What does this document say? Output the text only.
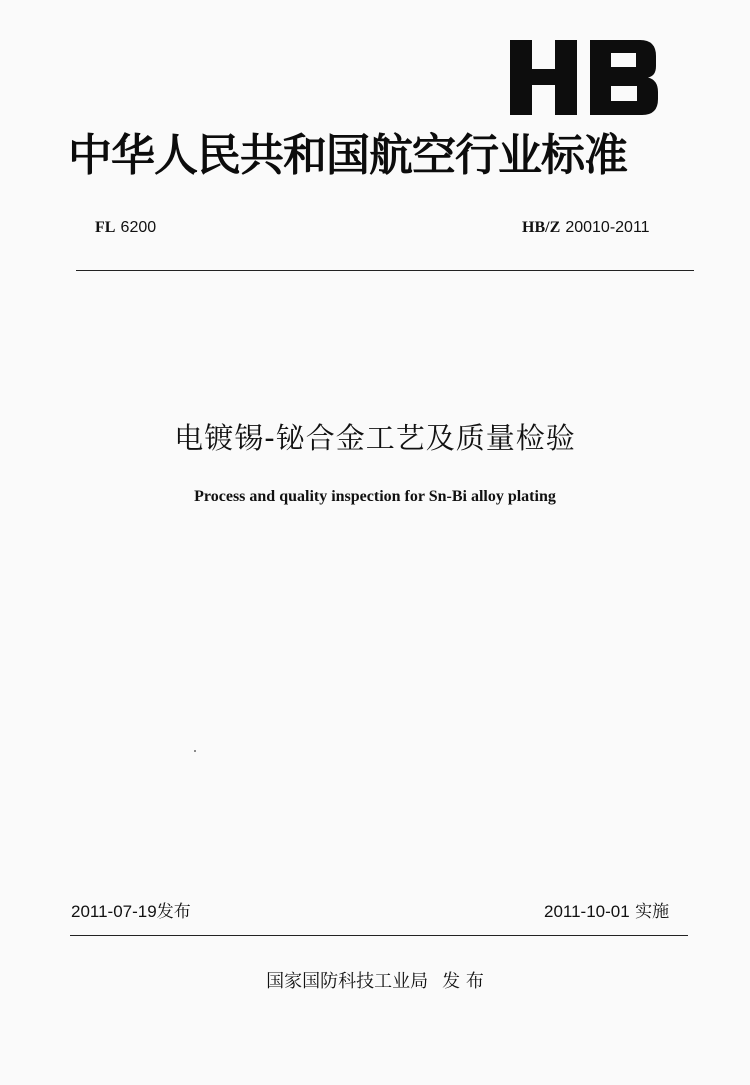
中华人民共和国航空行业标准
FL 6200	HB/Z 20010-2011
电镀锡-铋合金工艺及质量检验
Process and quality inspection for Sn-Bi alloy plating
2011-07-19发布	2011-10-01 实施
国家国防科技工业局 发 布
